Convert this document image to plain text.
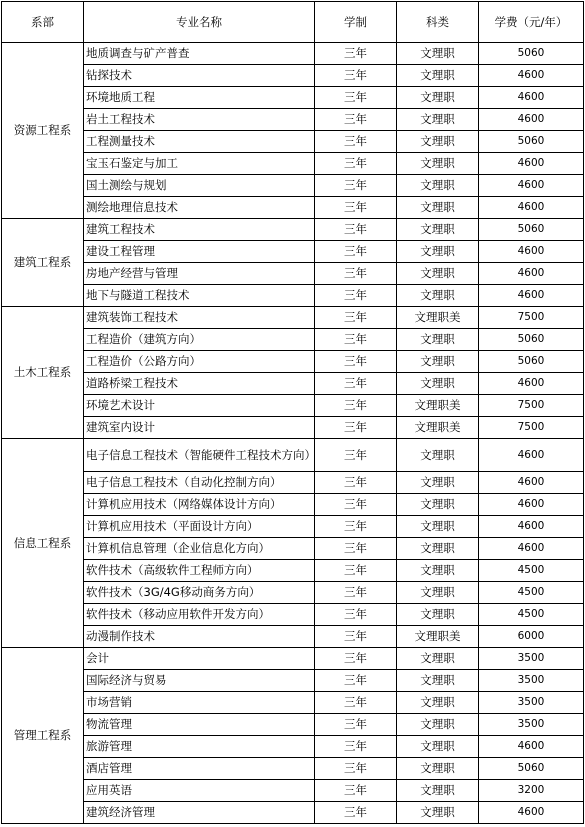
系部	专业名称	学制	科类	学费（元/年）
资源工程系	地质调查与矿产普查	三年	文理职	5060
	钻探技术	三年	文理职	4600
	环境地质工程	三年	文理职	4600
	岩土工程技术	三年	文理职	4600
	工程测量技术	三年	文理职	5060
	宝玉石鉴定与加工	三年	文理职	4600
	国土测绘与规划	三年	文理职	4600
	测绘地理信息技术	三年	文理职	4600
建筑工程系	建筑工程技术	三年	文理职	5060
	建设工程管理	三年	文理职	4600
	房地产经营与管理	三年	文理职	4600
	地下与隧道工程技术	三年	文理职	4600
土木工程系	建筑装饰工程技术	三年	文理职美	7500
	工程造价（建筑方向）	三年	文理职	5060
	工程造价（公路方向）	三年	文理职	5060
	道路桥梁工程技术	三年	文理职	4600
	环境艺术设计	三年	文理职美	7500
	建筑室内设计	三年	文理职美	7500
信息工程系	电子信息工程技术（智能硬件工程技术方向）	三年	文理职	4600
	电子信息工程技术（自动化控制方向）	三年	文理职	4600
	计算机应用技术（网络媒体设计方向）	三年	文理职	4600
	计算机应用技术（平面设计方向）	三年	文理职	4600
	计算机信息管理（企业信息化方向）	三年	文理职	4600
	软件技术（高级软件工程师方向）	三年	文理职	4500
	软件技术（3G/4G移动商务方向）	三年	文理职	4500
	软件技术（移动应用软件开发方向）	三年	文理职	4500
	动漫制作技术	三年	文理职美	6000
管理工程系	会计	三年	文理职	3500
	国际经济与贸易	三年	文理职	3500
	市场营销	三年	文理职	3500
	物流管理	三年	文理职	3500
	旅游管理	三年	文理职	4600
	酒店管理	三年	文理职	5060
	应用英语	三年	文理职	3200
	建筑经济管理	三年	文理职	4600
